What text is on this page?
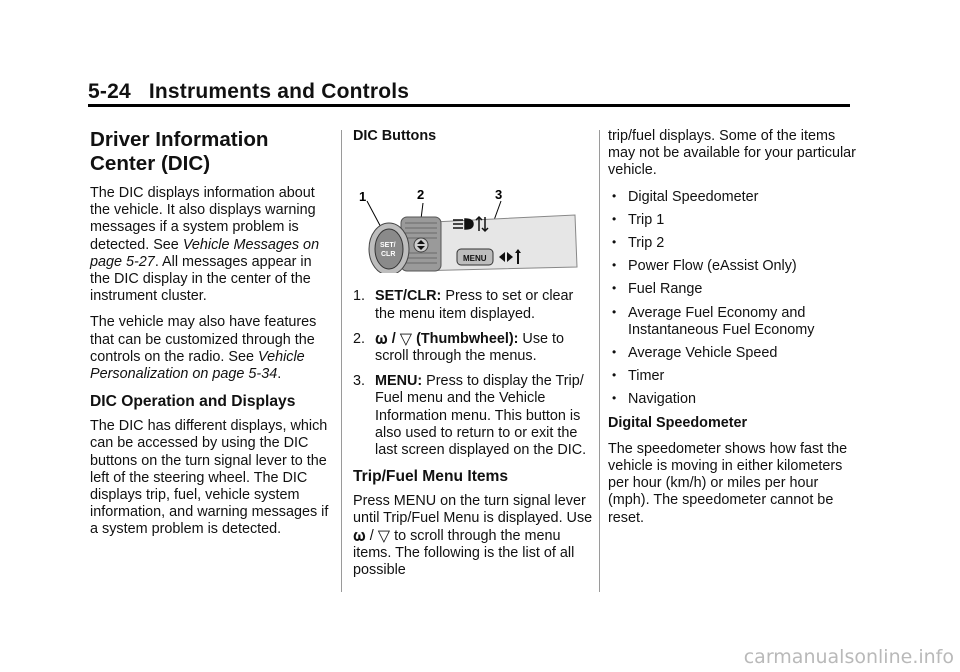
5-24 Instruments and Controls
Driver Information
Center (DIC)

The DIC displays information about the vehicle. It also displays warning messages if a system problem is detected. See Vehicle Messages on page 5-27. All messages appear in the DIC display in the center of the instrument cluster.

The vehicle may also have features that can be customized through the controls on the radio. See Vehicle Personalization on page 5-34.

DIC Operation and Displays

The DIC has different displays, which can be accessed by using the DIC buttons on the turn signal lever to the left of the steering wheel. The DIC displays trip, fuel, vehicle system information, and warning messages if a system problem is detected.

DIC Buttons

1	2	3
SET/
CLR	MENU
1. SET/CLR: Press to set or clear the menu item displayed.
2. 𝛚 / ▽ (Thumbwheel): Use to scroll through the menus.
3. MENU: Press to display the Trip/ Fuel menu and the Vehicle Information menu. This button is also used to return to or exit the last screen displayed on the DIC.
Trip/Fuel Menu Items

Press MENU on the turn signal lever until Trip/Fuel Menu is displayed. Use 𝛚 / ▽ to scroll through the menu items. The following is the list of all possible

trip/fuel displays. Some of the items may not be available for your particular vehicle.

• Digital Speedometer
• Trip 1
• Trip 2
• Power Flow (eAssist Only)
• Fuel Range
• Average Fuel Economy and Instantaneous Fuel Economy
• Average Vehicle Speed
• Timer
• Navigation

Digital Speedometer

The speedometer shows how fast the vehicle is moving in either kilometers per hour (km/h) or miles per hour (mph). The speedometer cannot be reset.

carmanualsonline.info
